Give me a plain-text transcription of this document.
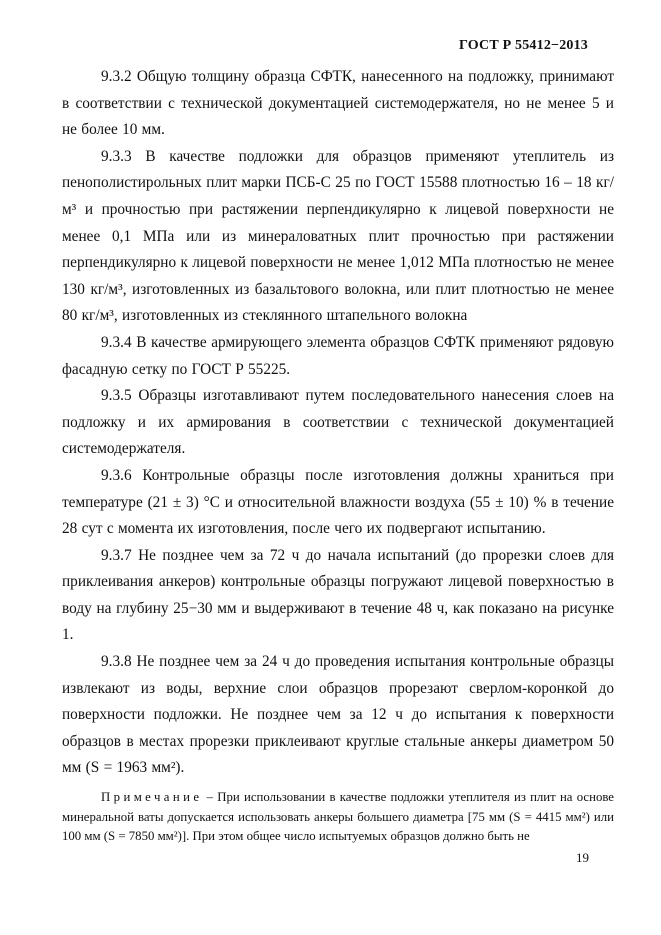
ГОСТ Р 55412−2013

9.3.2 Общую толщину образца СФТК, нанесенного на подложку, принимают в соответствии с технической документацией системодержателя, но не менее 5 и не более 10 мм.

9.3.3 В качестве подложки для образцов применяют утеплитель из пенополистирольных плит марки ПСБ-С 25 по ГОСТ 15588 плотностью 16 – 18 кг/м³ и прочностью при растяжении перпендикулярно к лицевой поверхности не менее 0,1 МПа или из минераловатных плит прочностью при растяжении перпендикулярно к лицевой поверхности не менее 1,012 МПа плотностью не менее 130 кг/м³, изготовленных из базальтового волокна, или плит плотностью не менее 80 кг/м³, изготовленных из стеклянного штапельного волокна

9.3.4 В качестве армирующего элемента образцов СФТК применяют рядовую фасадную сетку по ГОСТ Р 55225.

9.3.5 Образцы изготавливают путем последовательного нанесения слоев на подложку и их армирования в соответствии с технической документацией системодержателя.

9.3.6 Контрольные образцы после изготовления должны храниться при температуре (21 ± 3) °С и относительной влажности воздуха (55 ± 10) % в течение 28 сут с момента их изготовления, после чего их подвергают испытанию.

9.3.7 Не позднее чем за 72 ч до начала испытаний (до прорезки слоев для приклеивания анкеров) контрольные образцы погружают лицевой поверхностью в воду на глубину 25−30 мм и выдерживают в течение 48 ч, как показано на рисунке 1.

9.3.8 Не позднее чем за 24 ч до проведения испытания контрольные образцы извлекают из воды, верхние слои образцов прорезают сверлом-коронкой до поверхности подложки. Не позднее чем за 12 ч до испытания к поверхности образцов в местах прорезки приклеивают круглые стальные анкеры диаметром 50 мм (S = 1963 мм²).

Примечание – При использовании в качестве подложки утеплителя из плит на основе минеральной ваты допускается использовать анкеры большего диаметра [75 мм (S = 4415 мм²) или 100 мм (S = 7850 мм²)]. При этом общее число испытуемых образцов должно быть не

19
